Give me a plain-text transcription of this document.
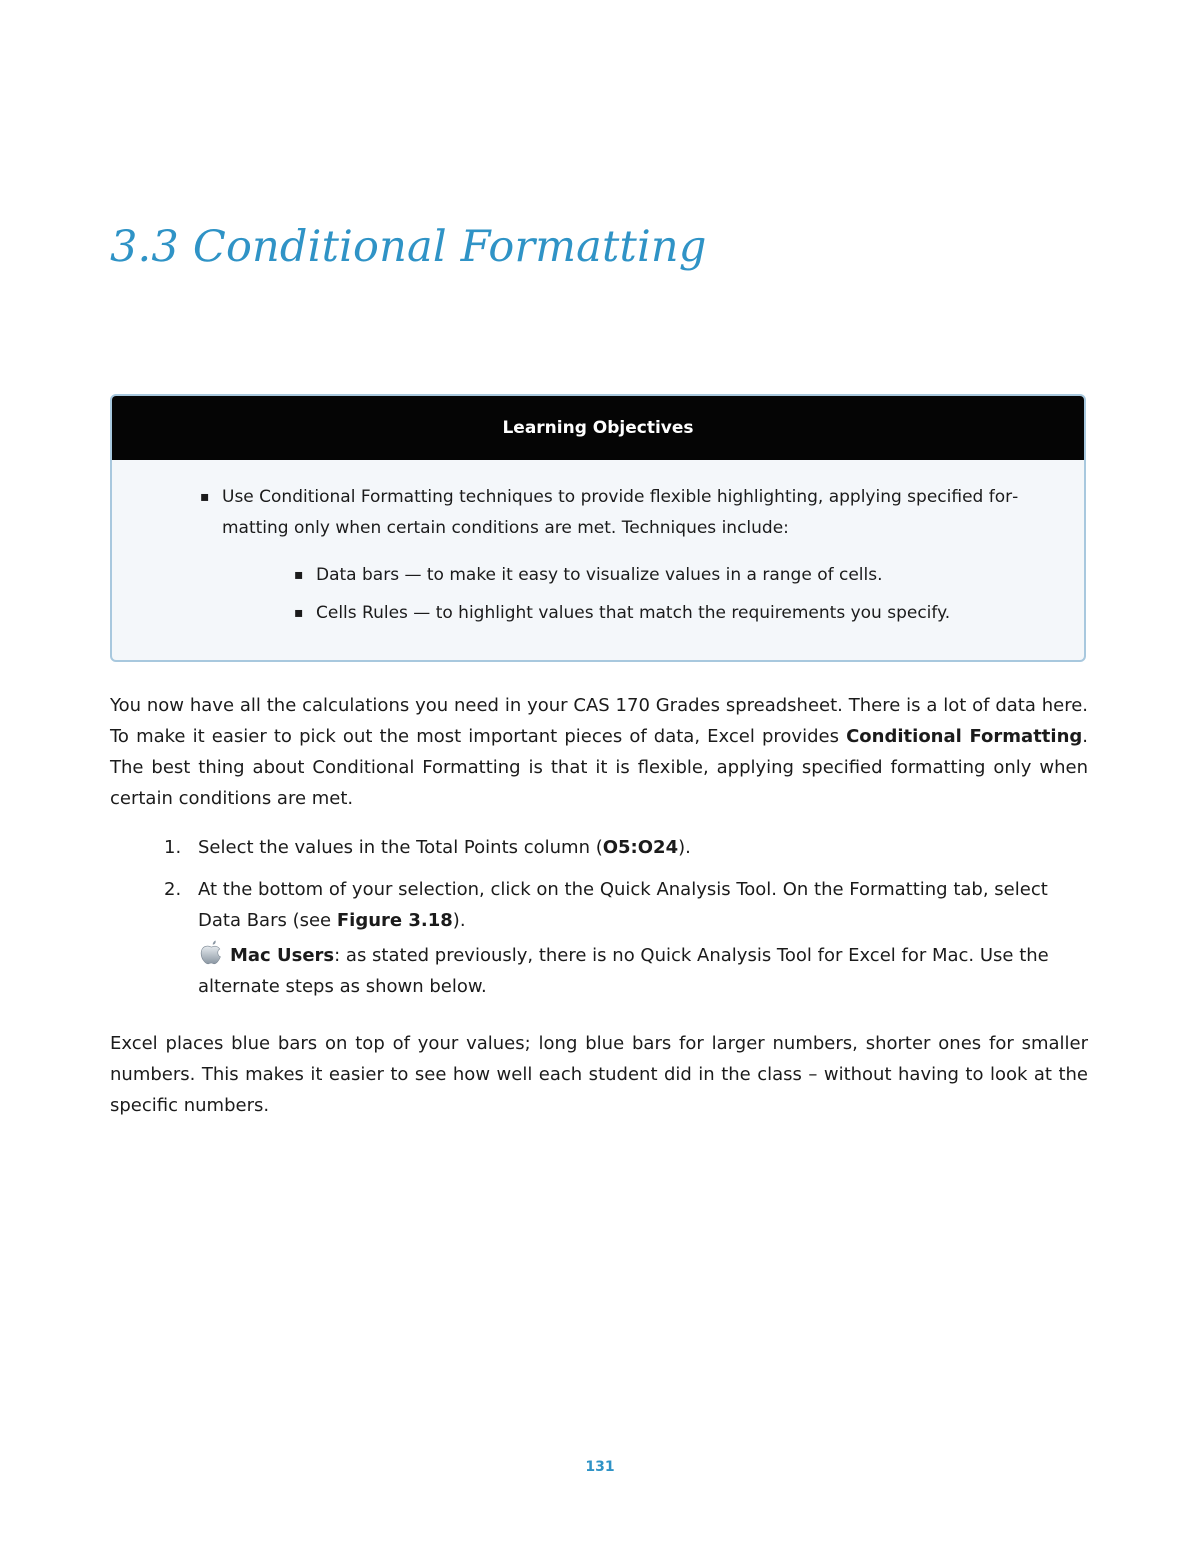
3.3 Conditional Formatting
Learning Objectives
▪ Use Conditional Formatting techniques to provide flexible highlighting, applying specified formatting only when certain conditions are met. Techniques include:
▪ Data bars — to make it easy to visualize values in a range of cells.
▪ Cells Rules — to highlight values that match the requirements you specify.

You now have all the calculations you need in your CAS 170 Grades spreadsheet. There is a lot of data here. To make it easier to pick out the most important pieces of data, Excel provides Conditional Formatting. The best thing about Conditional Formatting is that it is flexible, applying specified formatting only when certain conditions are met.

1. Select the values in the Total Points column (O5:O24).
2. At the bottom of your selection, click on the Quick Analysis Tool. On the Formatting tab, select Data Bars (see Figure 3.18).
Mac Users: as stated previously, there is no Quick Analysis Tool for Excel for Mac. Use the alternate steps as shown below.

Excel places blue bars on top of your values; long blue bars for larger numbers, shorter ones for smaller numbers. This makes it easier to see how well each student did in the class – without having to look at the specific numbers.

131
